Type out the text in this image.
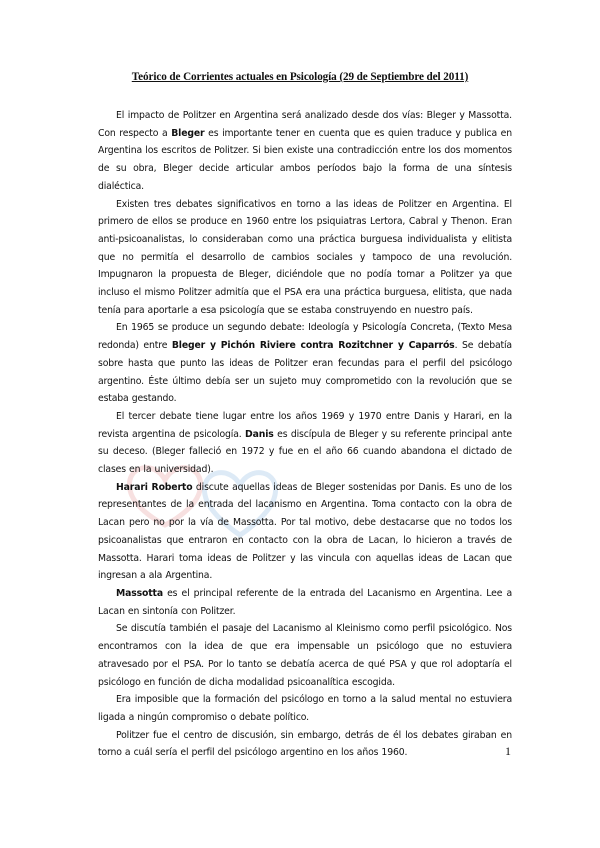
Teórico de Corrientes actuales en Psicología (29 de Septiembre del 2011)

El impacto de Politzer en Argentina será analizado desde dos vías: Bleger y Massotta. Con respecto a Bleger es importante tener en cuenta que es quien traduce y publica en Argentina los escritos de Politzer. Si bien existe una contradicción entre los dos momentos de su obra, Bleger decide articular ambos períodos bajo la forma de una síntesis dialéctica.

Existen tres debates significativos en torno a las ideas de Politzer en Argentina. El primero de ellos se produce en 1960 entre los psiquiatras Lertora, Cabral y Thenon. Eran anti-psicoanalistas, lo consideraban como una práctica burguesa individualista y elitista que no permitía el desarrollo de cambios sociales y tampoco de una revolución. Impugnaron la propuesta de Bleger, diciéndole que no podía tomar a Politzer ya que incluso el mismo Politzer admitía que el PSA era una práctica burguesa, elitista, que nada tenía para aportarle a esa psicología que se estaba construyendo en nuestro país.

En 1965 se produce un segundo debate: Ideología y Psicología Concreta, (Texto Mesa redonda) entre Bleger y Pichón Riviere contra Rozitchner y Caparrós. Se debatía sobre hasta que punto las ideas de Politzer eran fecundas para el perfil del psicólogo argentino. Éste último debía ser un sujeto muy comprometido con la revolución que se estaba gestando.

El tercer debate tiene lugar entre los años 1969 y 1970 entre Danis y Harari, en la revista argentina de psicología. Danis es discípula de Bleger y su referente principal ante su deceso. (Bleger falleció en 1972 y fue en el año 66 cuando abandona el dictado de clases en la universidad).

Harari Roberto discute aquellas ideas de Bleger sostenidas por Danis. Es uno de los representantes de la entrada del lacanismo en Argentina. Toma contacto con la obra de Lacan pero no por la vía de Massotta. Por tal motivo, debe destacarse que no todos los psicoanalistas que entraron en contacto con la obra de Lacan, lo hicieron a través de Massotta. Harari toma ideas de Politzer y las vincula con aquellas ideas de Lacan que ingresan a ala Argentina.

Massotta es el principal referente de la entrada del Lacanismo en Argentina. Lee a Lacan en sintonía con Politzer.

Se discutía también el pasaje del Lacanismo al Kleinismo como perfil psicológico. Nos encontramos con la idea de que era impensable un psicólogo que no estuviera atravesado por el PSA. Por lo tanto se debatía acerca de qué PSA y que rol adoptaría el psicólogo en función de dicha modalidad psicoanalítica escogida.

Era imposible que la formación del psicólogo en torno a la salud mental no estuviera ligada a ningún compromiso o debate político.

Politzer fue el centro de discusión, sin embargo, detrás de él los debates giraban en torno a cuál sería el perfil del psicólogo argentino en los años 1960.	1
